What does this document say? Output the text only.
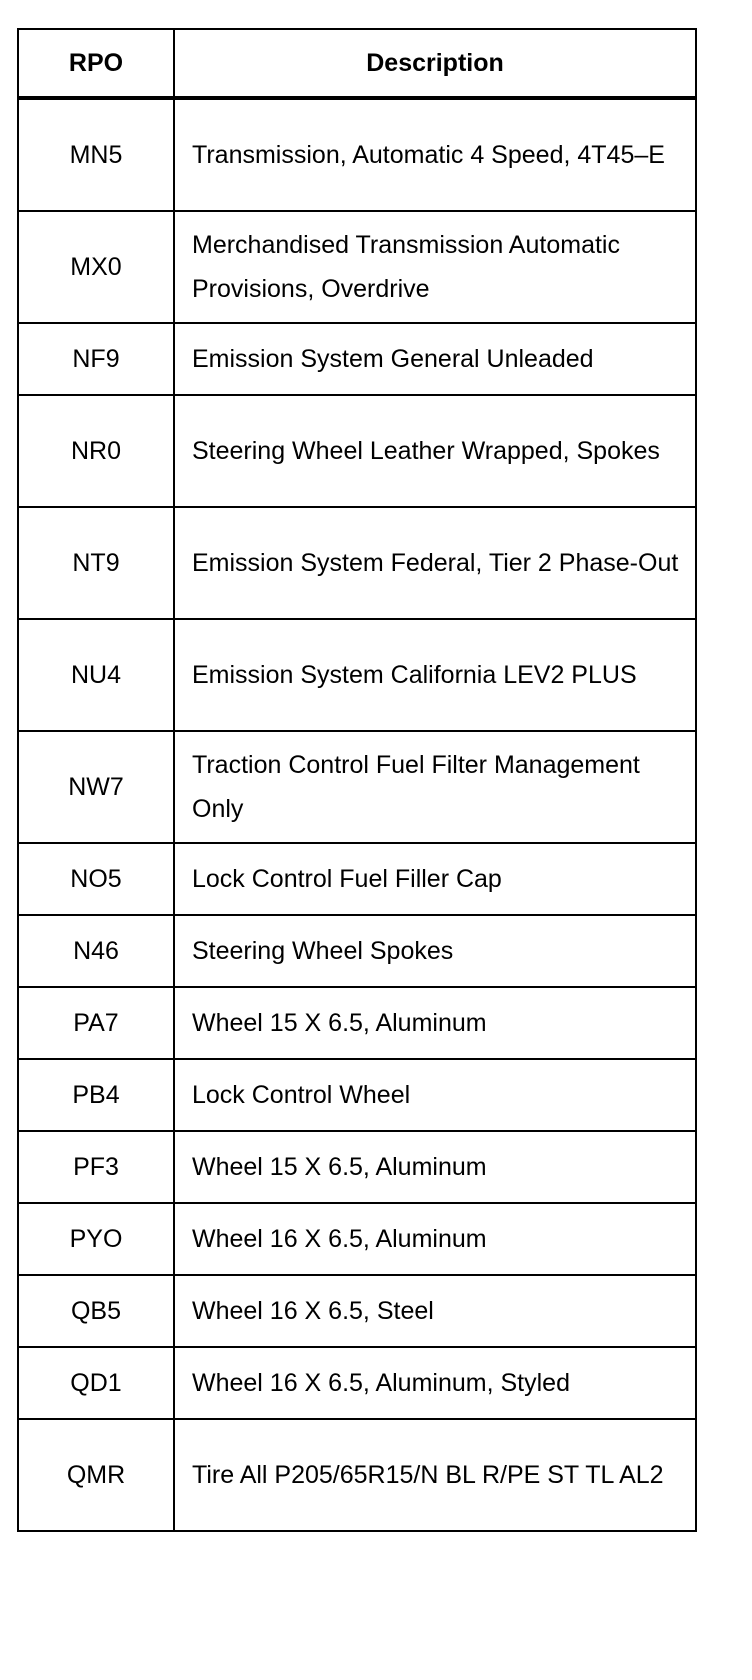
RPO	Description
MN5	Transmission, Automatic 4 Speed, 4T45–E
MX0	Merchandised Transmission Automatic Provisions, Overdrive
NF9	Emission System General Unleaded
NR0	Steering Wheel Leather Wrapped, Spokes
NT9	Emission System Federal, Tier 2 Phase-Out
NU4	Emission System California LEV2 PLUS
NW7	Traction Control Fuel Filter Management Only
NO5	Lock Control Fuel Filler Cap
N46	Steering Wheel Spokes
PA7	Wheel 15 X 6.5, Aluminum
PB4	Lock Control Wheel
PF3	Wheel 15 X 6.5, Aluminum
PYO	Wheel 16 X 6.5, Aluminum
QB5	Wheel 16 X 6.5, Steel
QD1	Wheel 16 X 6.5, Aluminum, Styled
QMR	Tire All P205/65R15/N BL R/PE ST TL AL2
